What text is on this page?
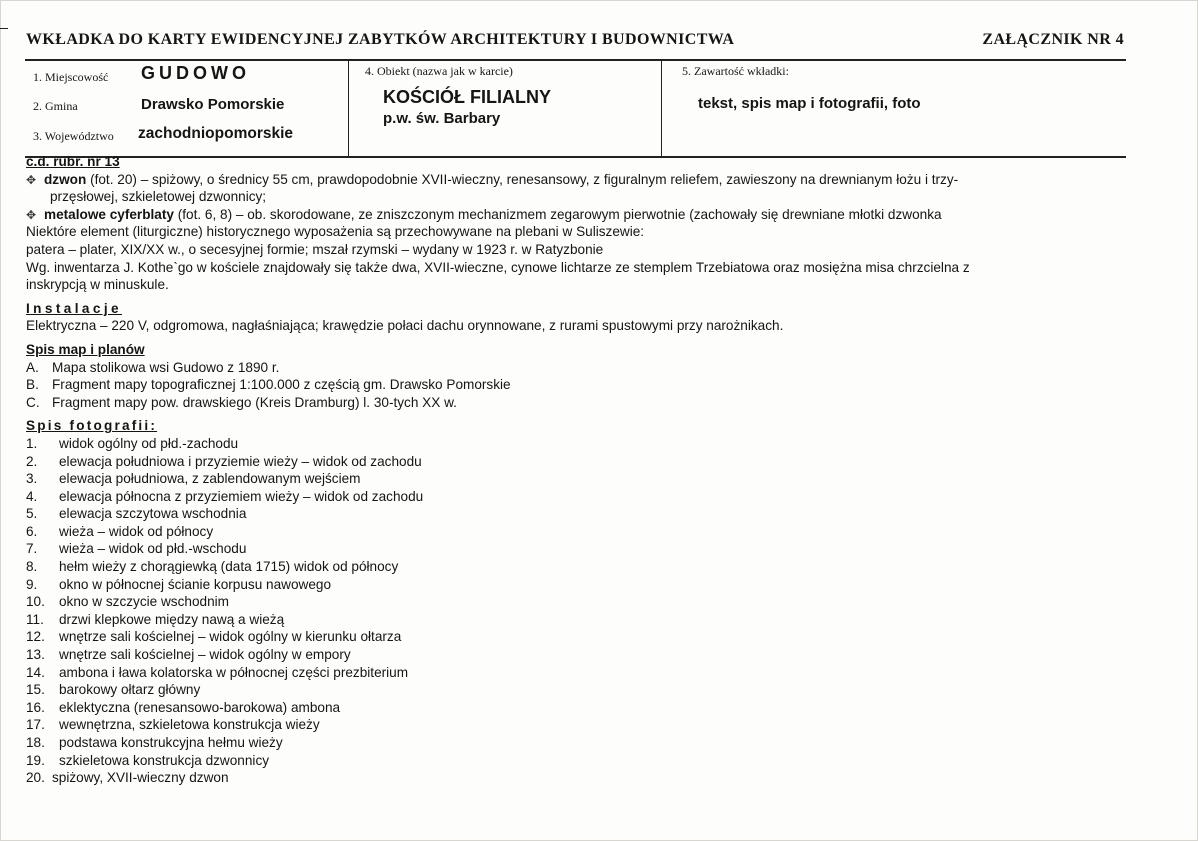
WKŁADKA DO KARTY EWIDENCYJNEJ ZABYTKÓW ARCHITEKTURY I BUDOWNICTWA	ZAŁĄCZNIK NR 4
1. Miejscowość GUDOWO
2. Gmina	Drawsko Pomorskie
3. Województwo zachodniopomorskie
4. Obiekt (nazwa jak w karcie)
KOŚCIÓŁ FILIALNY
p.w. św. Barbary
5. Zawartość wkładki:
tekst, spis map i fotografii, foto
c.d. rubr. nr 13
✥ dzwon (fot. 20) – spiżowy, o średnicy 55 cm, prawdopodobnie XVII-wieczny, renesansowy, z figuralnym reliefem, zawieszony na drewnianym łożu i trzy-
przęsłowej, szkieletowej dzwonnicy;
✥ metalowe cyferblaty (fot. 6, 8) – ob. skorodowane, ze zniszczonym mechanizmem zegarowym pierwotnie (zachowały się drewniane młotki dzwonka
Niektóre element (liturgiczne) historycznego wyposażenia są przechowywane na plebani w Suliszewie:
patera – plater, XIX/XX w., o secesyjnej formie; mszał rzymski – wydany w 1923 r. w Ratyzbonie
Wg. inwentarza J. Kothe`go w kościele znajdowały się także dwa, XVII-wieczne, cynowe lichtarze ze stemplem Trzebiatowa oraz mosiężna misa chrzcielna z
inskrypcją w minuskule.
Instalacje
Elektryczna – 220 V, odgromowa, nagłaśniająca; krawędzie połaci dachu orynnowane, z rurami spustowymi przy narożnikach.
Spis map i planów
A. Mapa stolikowa wsi Gudowo z 1890 r.
B. Fragment mapy topograficznej 1:100.000 z częścią gm. Drawsko Pomorskie
C. Fragment mapy pow. drawskiego (Kreis Dramburg) l. 30-tych XX w.
Spis fotografii:
1. widok ogólny od płd.-zachodu
2. elewacja południowa i przyziemie wieży – widok od zachodu
3. elewacja południowa, z zablendowanym wejściem
4. elewacja północna z przyziemiem wieży – widok od zachodu
5. elewacja szczytowa wschodnia
6. wieża – widok od północy
7. wieża – widok od płd.-wschodu
8. hełm wieży z chorągiewką (data 1715) widok od północy
9. okno w północnej ścianie korpusu nawowego
10. okno w szczycie wschodnim
11. drzwi klepkowe między nawą a wieżą
12. wnętrze sali kościelnej – widok ogólny w kierunku ołtarza
13. wnętrze sali kościelnej – widok ogólny w empory
14. ambona i ława kolatorska w północnej części prezbiterium
15. barokowy ołtarz główny
16. eklektyczna (renesansowo-barokowa) ambona
17. wewnętrzna, szkieletowa konstrukcja wieży
18. podstawa konstrukcyjna hełmu wieży
19. szkieletowa konstrukcja dzwonnicy
20. spiżowy, XVII-wieczny dzwon
